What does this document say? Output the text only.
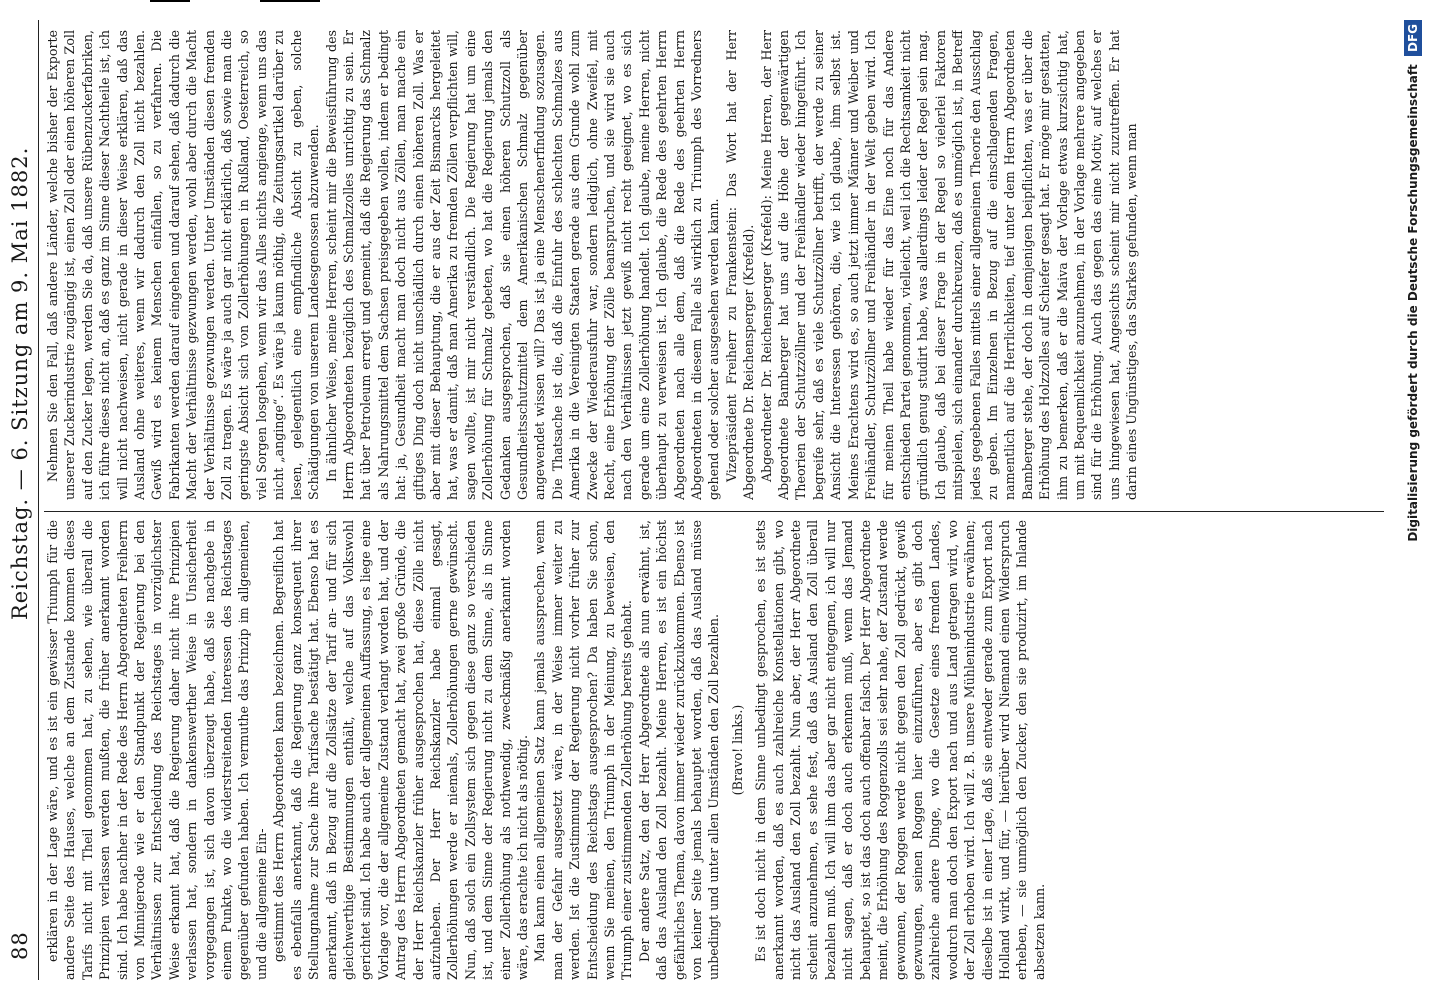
88
Reichstag. — 6. Sitzung am 9. Mai 1882.

erklären in der Lage wäre, und es ist ein gewisser Triumph für die andere Seite des Hauses, welche an dem Zustande kommen dieses Tarifs nicht mit Theil genommen hat, zu sehen, wie überall die Prinzipien verlassen werden mußten, die früher anerkannt worden sind. Ich habe nachher in der Rede des Herrn Abgeordneten Freiherrn von Minnigerode wie er den Standpunkt der Regierung bei den Verhältnissen zur Entscheidung des Reichstages in vorzüglichster Weise erkannt hat, daß die Regierung daher nicht ihre Prinzipien verlassen hat, sondern in dankenswerther Weise in Unsicherheit vorgegangen ist, sich davon überzeugt habe, daß sie nachgebe in einem Punkte, wo die widerstreitenden Interessen des Reichstages gegenüber gefunden haben. Ich vermuthe das Prinzip im allgemeinen, und die allgemeine Ein- gestimmt des Herrn Abgeordneten kann bezeichnen. Begreiflich hat es ebenfalls anerkannt, daß die Regierung ganz konsequent ihrer Stellungnahme zur Sache ihre Tarifsache bestätigt hat. Ebenso hat es anerkannt, daß in Bezug auf die Zollsätze der Tarif an- und für sich gleichwerthige Bestimmungen enthält, welche auf das Volkswohl gerichtet sind. Ich habe auch der allgemeinen Auffassung, es liege eine Vorlage vor, die der allgemeine Zustand verlangt worden hat, und der Antrag des Herrn Abgeordneten gemacht hat, zwei große Gründe, die der Herr Reichskanzler früher ausgesprochen hat, diese Zölle nicht aufzuheben. Der Herr Reichskanzler habe einmal gesagt, Zollerhöhungen werde er niemals, Zollerhöhungen gerne gewünscht. Nun, daß solch ein Zollsystem sich gegen diese ganz so verschieden ist, und dem Sinne der Regierung nicht zu dem Sinne, als in Sinne einer Zollerhöhung als nothwendig, zweckmäßig anerkannt worden wäre, das erachte ich nicht als nöthig. Man kann einen allgemeinen Satz kann jemals aussprechen, wenn man der Gefahr ausgesetzt wäre, in der Weise immer weiter zu werden. Ist die Zustimmung der Regierung nicht vorher früher zur Entscheidung des Reichstags ausgesprochen? Da haben Sie schon, wenn Sie meinen, den Triumph in der Meinung, zu beweisen, den Triumph einer zustimmenden Zollerhöhung bereits gehabt. Der andere Satz, den der Herr Abgeordnete als nun erwähnt, ist, daß das Ausland den Zoll bezahlt. Meine Herren, es ist ein höchst gefährliches Thema, davon immer wieder zurückzukommen. Ebenso ist von keiner Seite jemals behauptet worden, daß das Ausland müsse unbedingt und unter allen Umständen den Zoll bezahlen. (Bravo! links.) Es ist doch nicht in dem Sinne unbedingt gesprochen, es ist stets anerkannt worden, daß es auch zahlreiche Konstellationen gibt, wo nicht das Ausland den Zoll bezahlt. Nun aber, der Herr Abgeordnete scheint anzunehmen, es sehe fest, daß das Ausland den Zoll überall bezahlen muß. Ich will ihm das aber gar nicht entgegnen, ich will nur nicht sagen, daß er doch auch erkennen muß, wenn das Jemand behauptet, so ist das doch auch offenbar falsch. Der Herr Abgeordnete meint, die Erhöhung des Roggenzolls sei sehr nahe, der Zustand werde gewonnen, der Roggen werde nicht gegen den Zoll gedrückt, gewiß gezwungen, seinen Roggen hier einzuführen, aber es gibt doch zahlreiche andere Dinge, wo die Gesetze eines fremden Landes, wodurch man doch den Export nach und aus Land getragen wird, wo der Zoll erhoben wird. Ich will z. B. unsere Mühlenindustrie erwähnen; dieselbe ist in einer Lage, daß sie entweder gerade zum Export nach Holland wirkt, und für, — hierüber wird Niemand einen Widerspruch erheben, — sie unmöglich den Zucker, den sie produzirt, im Inlande absetzen kann.

Nehmen Sie den Fall, daß andere Länder, welche bisher der Exporte unserer Zuckerindustrie zugängig ist, einen Zoll oder einen höheren Zoll auf den Zucker legen, werden Sie da, daß unsere Rübenzuckerfabriken, ich führe dieses nicht an, daß es ganz im Sinne dieser Nachtheile ist, ich will nicht nachweisen, nicht gerade in dieser Weise erklären, daß das Ausland ohne weiteres, wenn wir dadurch den Zoll nicht bezahlen. Gewiß wird es keinem Menschen einfallen, so zu verfahren. Die Fabrikanten werden darauf eingehen und darauf sehen, daß dadurch die Macht der Verhältnisse gezwungen werden, wohl aber durch die Macht der Verhältnisse gezwungen werden. Unter Umständen diesen fremden Zoll zu tragen. Es wäre ja auch gar nicht erklärlich, daß sowie man die geringste Absicht sich von Zollerhöhungen in Rußland, Oesterreich, so viel Sorgen losgehen, wenn wir das Alles nichts angienge, wenn uns das nicht „anginge“. Es wäre ja kaum nöthig, die Zeitungsartikel darüber zu lesen, gelegentlich eine empfindliche Absicht zu geben, solche Schädigungen von unserem Landesgenossen abzuwenden. In ähnlicher Weise, meine Herren, scheint mir die Beweisführung des Herrn Abgeordneten bezüglich des Schmalzzolles unrichtig zu sein. Er hat über Petroleum erregt und gemeint, daß die Regierung das Schmalz als Nahrungsmittel dem Sachsen preisgegeben wollen, indem er bedingt hat: ja, Gesundheit macht man doch nicht aus Zöllen, man mache ein giftiges Ding doch nicht unschädlich durch einen höheren Zoll. Was er aber mit dieser Behauptung, die er aus der Zeit Bismarcks hergeleitet hat, was er damit, daß man Amerika zu fremden Zöllen verpflichten will, sagen wollte, ist mir nicht verständlich. Die Regierung hat um eine Zollerhöhung für Schmalz gebeten, wo hat die Regierung jemals den Gedanken ausgesprochen, daß sie einen höheren Schutzzoll als Gesundheitsschutzmittel dem Amerikanischen Schmalz gegenüber angewendet wissen will? Das ist ja eine Menschenerfindung sozusagen. Die Thatsache ist die, daß die Einfuhr des schlechten Schmalzes aus Amerika in die Vereinigten Staaten gerade aus dem Grunde wohl zum Zwecke der Wiederausfuhr war, sondern lediglich, ohne Zweifel, mit Recht, eine Erhöhung der Zölle beanspruchen, und sie wird sie auch nach den Verhältnissen jetzt gewiß nicht recht geeignet, wo es sich gerade um eine Zollerhöhung handelt. Ich glaube, meine Herren, nicht überhaupt zu verweisen ist. Ich glaube, die Rede des geehrten Herrn Abgeordneten nach alle dem, daß die Rede des geehrten Herrn Abgeordneten in diesem Falle als wirklich zu Triumph des Vorredners gehend oder solcher ausgesehen werden kann. Vizepräsident Freiherr zu Frankenstein: Das Wort hat der Herr Abgeordnete Dr. Reichensperger (Krefeld). Abgeordneter Dr. Reichensperger (Krefeld): Meine Herren, der Herr Abgeordnete Bamberger hat uns auf die Höhe der gegenwärtigen Theorien der Schutzzöllner und der Freihändler wieder hingeführt. Ich begreife sehr, daß es viele Schutzzöllner betrifft, der werde zu seiner Ansicht die Interessen gehören, die, wie ich glaube, ihm selbst ist. Meines Erachtens wird es, so auch jetzt immer Männer und Weiber und Freihändler, Schutzzöllner und Freihändler in der Welt geben wird. Ich für meinen Theil habe wieder für das Eine noch für das Andere entschieden Partei genommen, vielleicht, weil ich die Rechtsamkeit nicht gründlich genug studirt habe, was allerdings leider der Regel sein mag. Ich glaube, daß bei dieser Frage in der Regel so vielerlei Faktoren mitspielen, sich einander durchkreuzen, daß es unmöglich ist, in Betreff jedes gegebenen Falles mittels einer allgemeinen Theorie den Ausschlag zu geben. Im Einzelnen in Bezug auf die einschlagenden Fragen, namentlich auf die Herrlichkeiten, tief unter dem Herrn Abgeordneten Bamberger stehe, der doch in demjenigen beipflichten, was er über die Erhöhung des Holzzolles auf Schiefer gesagt hat. Er möge mir gestatten, ihm zu bemerken, daß er die Maiva der Vorlage etwas kurzsichtig hat, um mit Bequemlichkeit anzunehmen, in der Vorlage mehrere angegeben sind für die Erhöhung. Auch das gegen das eine Motiv, auf welches er uns hingewiesen hat, Angesichts scheint mir nicht zuzutreffen. Er hat darin eines Ungünstiges, das Starkes gefunden, wenn man	Digitalisierung gefördert durch die Deutsche Forschungsgemeinschaft DFG
